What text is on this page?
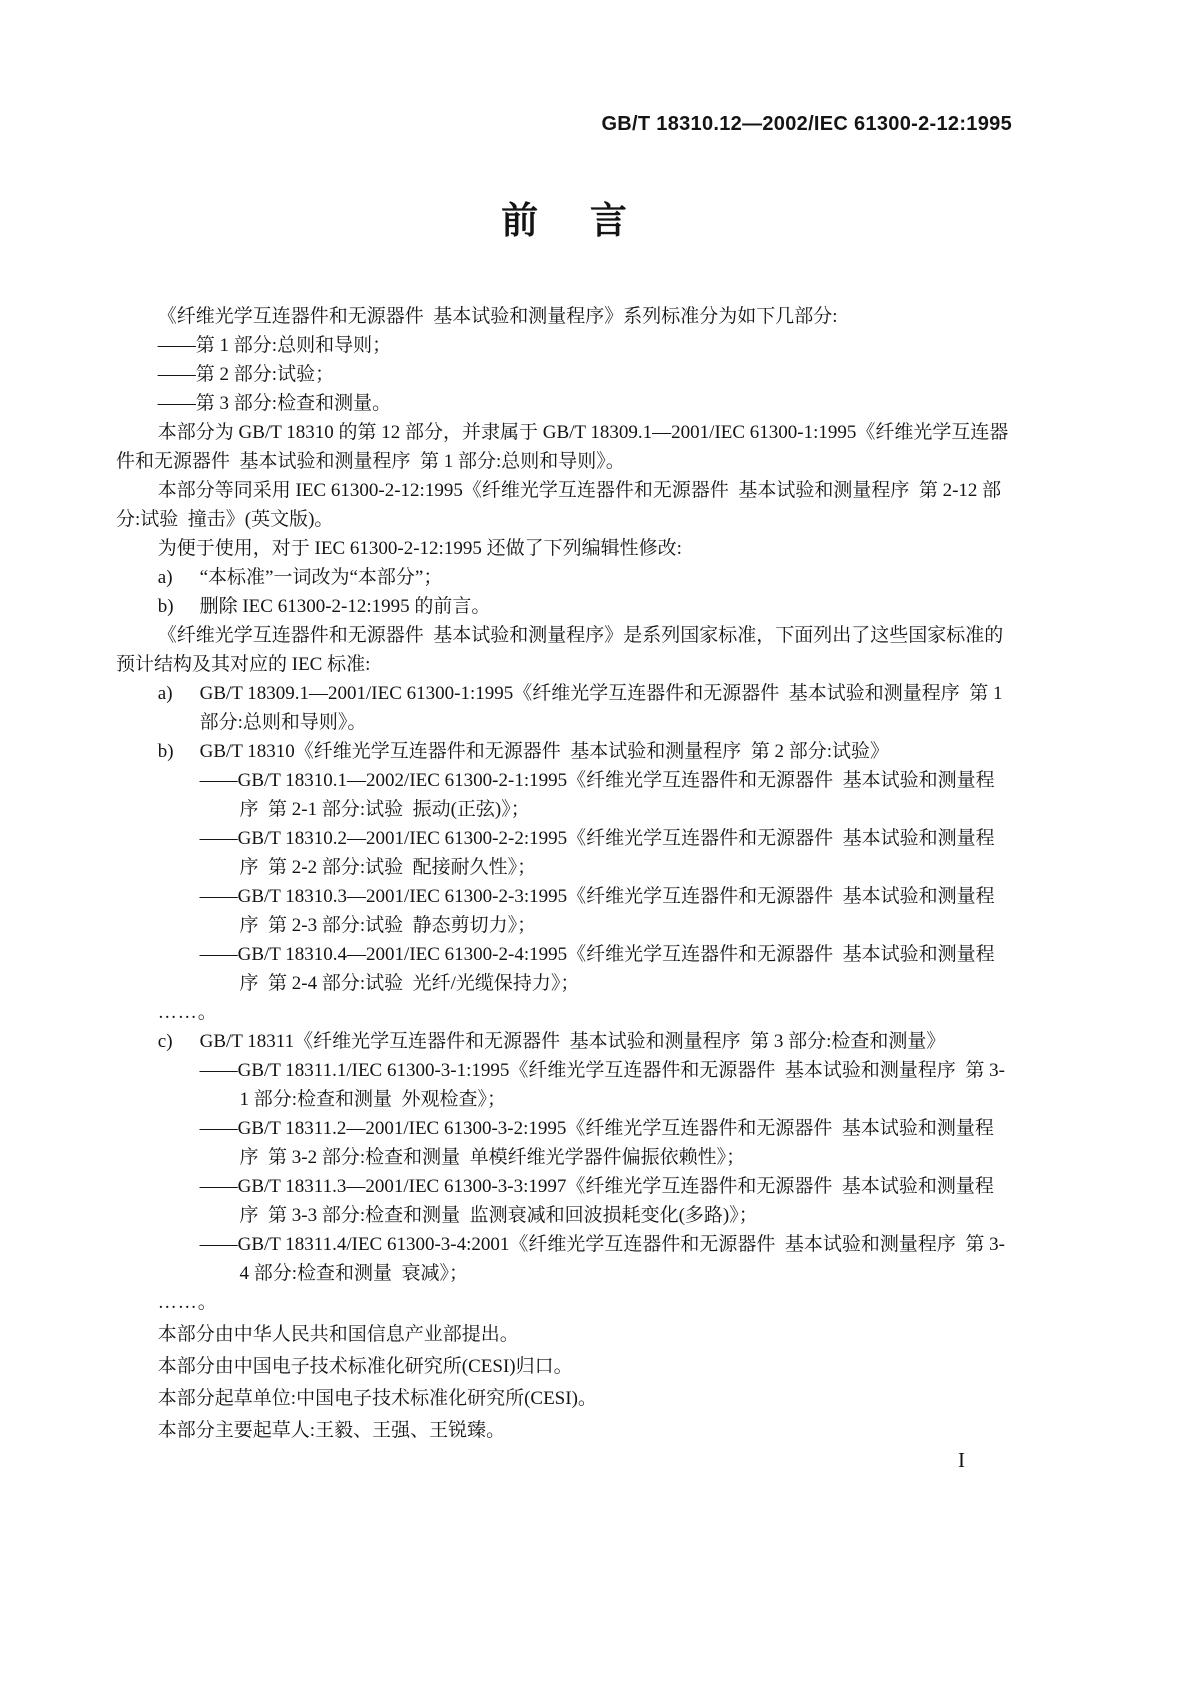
GB/T 18310.12—2002/IEC 61300-2-12:1995
前言

《纤维光学互连器件和无源器件  基本试验和测量程序》系列标准分为如下几部分:

——第 1 部分:总则和导则；

——第 2 部分:试验；

——第 3 部分:检查和测量。

本部分为 GB/T 18310 的第 12 部分，并隶属于 GB/T 18309.1—2001/IEC 61300-1:1995《纤维光学互连器件和无源器件  基本试验和测量程序  第 1 部分:总则和导则》。

本部分等同采用 IEC 61300-2-12:1995《纤维光学互连器件和无源器件  基本试验和测量程序  第 2-12 部分:试验  撞击》(英文版)。

为便于使用，对于 IEC 61300-2-12:1995 还做了下列编辑性修改:

a) “本标准”一词改为“本部分”；

b) 删除 IEC 61300-2-12:1995 的前言。

《纤维光学互连器件和无源器件  基本试验和测量程序》是系列国家标准，下面列出了这些国家标准的预计结构及其对应的 IEC 标准:

a) GB/T 18309.1—2001/IEC 61300-1:1995《纤维光学互连器件和无源器件  基本试验和测量程序  第 1 部分:总则和导则》。

b) GB/T 18310《纤维光学互连器件和无源器件  基本试验和测量程序  第 2 部分:试验》

——GB/T 18310.1—2002/IEC 61300-2-1:1995《纤维光学互连器件和无源器件  基本试验和测量程序  第 2-1 部分:试验  振动(正弦)》；

——GB/T 18310.2—2001/IEC 61300-2-2:1995《纤维光学互连器件和无源器件  基本试验和测量程序  第 2-2 部分:试验  配接耐久性》；

——GB/T 18310.3—2001/IEC 61300-2-3:1995《纤维光学互连器件和无源器件  基本试验和测量程序  第 2-3 部分:试验  静态剪切力》；

——GB/T 18310.4—2001/IEC 61300-2-4:1995《纤维光学互连器件和无源器件  基本试验和测量程序  第 2-4 部分:试验  光纤/光缆保持力》；

……。

c) GB/T 18311《纤维光学互连器件和无源器件  基本试验和测量程序  第 3 部分:检查和测量》

——GB/T 18311.1/IEC 61300-3-1:1995《纤维光学互连器件和无源器件  基本试验和测量程序  第 3-1 部分:检查和测量  外观检查》；

——GB/T 18311.2—2001/IEC 61300-3-2:1995《纤维光学互连器件和无源器件  基本试验和测量程序  第 3-2 部分:检查和测量  单模纤维光学器件偏振依赖性》；

——GB/T 18311.3—2001/IEC 61300-3-3:1997《纤维光学互连器件和无源器件  基本试验和测量程序  第 3-3 部分:检查和测量  监测衰减和回波损耗变化(多路)》；

——GB/T 18311.4/IEC 61300-3-4:2001《纤维光学互连器件和无源器件  基本试验和测量程序  第 3-4 部分:检查和测量  衰减》；

……。

本部分由中华人民共和国信息产业部提出。

本部分由中国电子技术标准化研究所(CESI)归口。

本部分起草单位:中国电子技术标准化研究所(CESI)。

本部分主要起草人:王毅、王强、王锐臻。

I
